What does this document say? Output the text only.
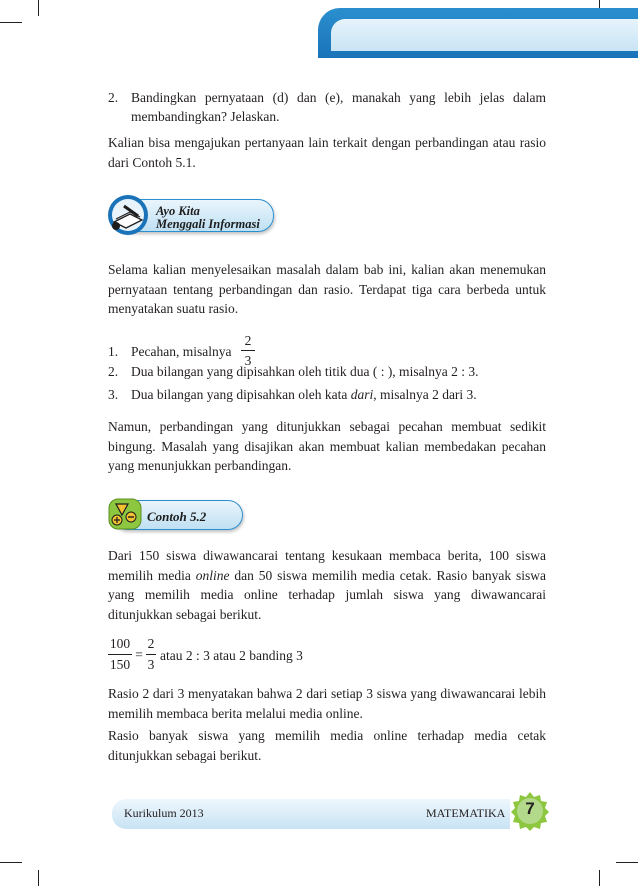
2. Bandingkan pernyataan (d) dan (e), manakah yang lebih jelas dalam
membandingkan? Jelaskan.

Kalian bisa mengajukan pertanyaan lain terkait dengan perbandingan atau rasio dari Contoh 5.1.

Ayo Kita
Menggali Informasi

Selama kalian menyelesaikan masalah dalam bab ini, kalian akan menemukan pernyataan tentang perbandingan dan rasio. Terdapat tiga cara berbeda untuk menyatakan suatu rasio.

1. Pecahan, misalnya
2
3
2. Dua bilangan yang dipisahkan oleh titik dua ( : ), misalnya 2 : 3.
3. Dua bilangan yang dipisahkan oleh kata dari, misalnya 2 dari 3.

Namun, perbandingan yang ditunjukkan sebagai pecahan membuat sedikit bingung. Masalah yang disajikan akan membuat kalian membedakan pecahan yang menunjukkan perbandingan.

Contoh 5.2

Dari 150 siswa diwawancarai tentang kesukaan membaca berita, 100 siswa memilih media online dan 50 siswa memilih media cetak. Rasio banyak siswa yang memilih media online terhadap jumlah siswa yang diwawancarai ditunjukkan sebagai berikut.

100
150
=
2
3
atau 2 : 3 atau 2 banding 3

Rasio 2 dari 3 menyatakan bahwa 2 dari setiap 3 siswa yang diwawancarai lebih memilih membaca berita melalui media online.

Rasio banyak siswa yang memilih media online terhadap media cetak ditunjukkan sebagai berikut.

Kurikulum 2013	MATEMATIKA	7
